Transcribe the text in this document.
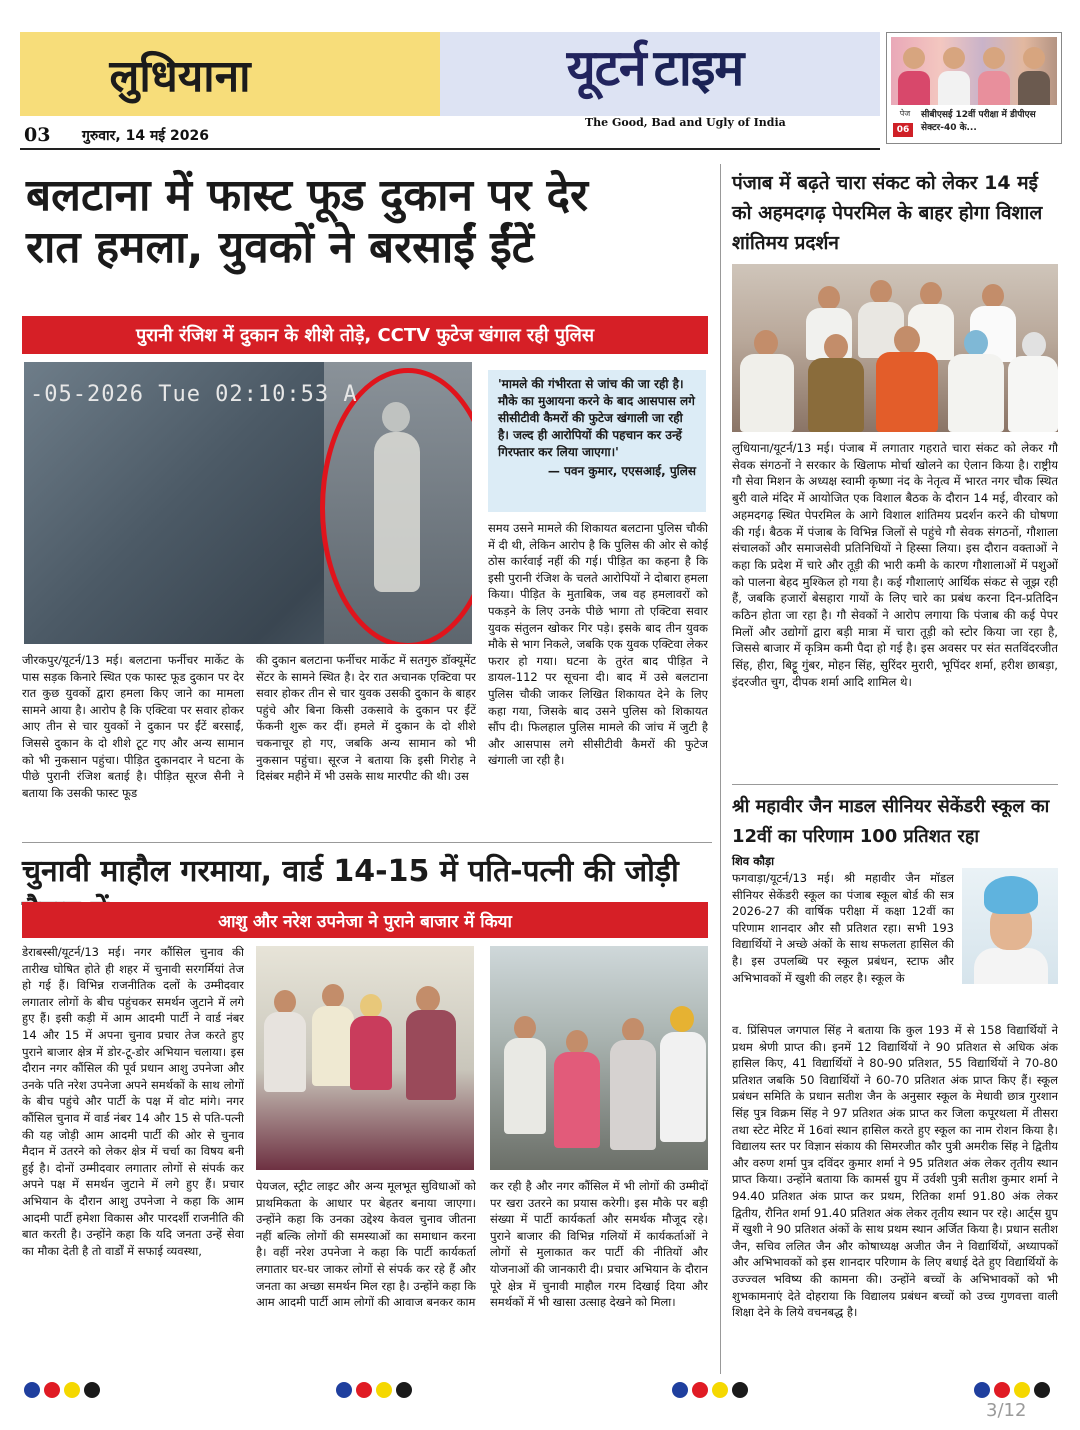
लुधियाना	यूटर्न टाइम
The Good, Bad and Ugly of India
03 गुरुवार, 14 मई 2026
पेज
06
सीबीएसई 12वीं परीक्षा में डीपीएस सेक्टर-40 के...
बलटाना में फास्ट फूड दुकान पर देर
रात हमला, युवकों ने बरसाईं ईंटें
पुरानी रंजिश में दुकान के शीशे तोड़े, CCTV फुटेज खंगाल रही पुलिस
-05-2026 Tue 02:10:53 A	'मामले की गंभीरता से जांच की जा रही है। मौके का मुआयना करने के बाद आसपास लगे सीसीटीवी कैमरों की फुटेज खंगाली जा रही है। जल्द ही आरोपियों की पहचान कर उन्हें गिरफ्तार कर लिया जाएगा।'
— पवन कुमार, एएसआई, पुलिस
जीरकपुर/यूटर्न/13 मई। बलटाना फर्नीचर मार्केट के पास सड़क किनारे स्थित एक फास्ट फूड दुकान पर देर रात कुछ युवकों द्वारा हमला किए जाने का मामला सामने आया है। आरोप है कि एक्टिवा पर सवार होकर आए तीन से चार युवकों ने दुकान पर ईंटें बरसाईं, जिससे दुकान के दो शीशे टूट गए और अन्य सामान को भी नुकसान पहुंचा। पीड़ित दुकानदार ने घटना के पीछे पुरानी रंजिश बताई है। पीड़ित सूरज सैनी ने बताया कि उसकी फास्ट फूड
की दुकान बलटाना फर्नीचर मार्केट में सतगुरु डॉक्यूमेंट सेंटर के सामने स्थित है। देर रात अचानक एक्टिवा पर सवार होकर तीन से चार युवक उसकी दुकान के बाहर पहुंचे और बिना किसी उकसावे के दुकान पर ईंटें फेंकनी शुरू कर दीं। हमले में दुकान के दो शीशे चकनाचूर हो गए, जबकि अन्य सामान को भी नुकसान पहुंचा। सूरज ने बताया कि इसी गिरोह ने दिसंबर महीने में भी उसके साथ मारपीट की थी। उस
समय उसने मामले की शिकायत बलटाना पुलिस चौकी में दी थी, लेकिन आरोप है कि पुलिस की ओर से कोई ठोस कार्रवाई नहीं की गई। पीड़ित का कहना है कि इसी पुरानी रंजिश के चलते आरोपियों ने दोबारा हमला किया। पीड़ित के मुताबिक, जब वह हमलावरों को पकड़ने के लिए उनके पीछे भागा तो एक्टिवा सवार युवक संतुलन खोकर गिर पड़े। इसके बाद तीन युवक मौके से भाग निकले, जबकि एक युवक एक्टिवा लेकर फरार हो गया। घटना के तुरंत बाद पीड़ित ने डायल-112 पर सूचना दी। बाद में उसे बलटाना पुलिस चौकी जाकर लिखित शिकायत देने के लिए कहा गया, जिसके बाद उसने पुलिस को शिकायत सौंप दी। फिलहाल पुलिस मामले की जांच में जुटी है और आसपास लगे सीसीटीवी कैमरों की फुटेज खंगाली जा रही है।
पंजाब में बढ़ते चारा संकट को लेकर 14 मई को अहमदगढ़ पेपरमिल के बाहर होगा विशाल शांतिमय प्रदर्शन
लुधियाना/यूटर्न/13 मई। पंजाब में लगातार गहराते चारा संकट को लेकर गौ सेवक संगठनों ने सरकार के खिलाफ मोर्चा खोलने का ऐलान किया है। राष्ट्रीय गौ सेवा मिशन के अध्यक्ष स्वामी कृष्णा नंद के नेतृत्व में भारत नगर चौक स्थित बुरी वाले मंदिर में आयोजित एक विशाल बैठक के दौरान 14 मई, वीरवार को अहमदगढ़ स्थित पेपरमिल के आगे विशाल शांतिमय प्रदर्शन करने की घोषणा की गई। बैठक में पंजाब के विभिन्न जिलों से पहुंचे गौ सेवक संगठनों, गौशाला संचालकों और समाजसेवी प्रतिनिधियों ने हिस्सा लिया। इस दौरान वक्ताओं ने कहा कि प्रदेश में चारे और तूड़ी की भारी कमी के कारण गौशालाओं में पशुओं को पालना बेहद मुश्किल हो गया है। कई गौशालाएं आर्थिक संकट से जूझ रही हैं, जबकि हजारों बेसहारा गायों के लिए चारे का प्रबंध करना दिन-प्रतिदिन कठिन होता जा रहा है। गौ सेवकों ने आरोप लगाया कि पंजाब की कई पेपर मिलों और उद्योगों द्वारा बड़ी मात्रा में चारा तूड़ी को स्टोर किया जा रहा है, जिससे बाजार में कृत्रिम कमी पैदा हो गई है। इस अवसर पर संत सतविंदरजीत सिंह, हीरा, बिट्टू गुंबर, मोहन सिंह, सुरिंदर मुरारी, भूपिंदर शर्मा, हरीश छाबड़ा, इंदरजीत चुग, दीपक शर्मा आदि शामिल थे।
श्री महावीर जैन माडल सीनियर सेकेंडरी स्कूल का 12वीं का परिणाम 100 प्रतिशत रहा
शिव कौड़ा
फगवाड़ा/यूटर्न/13 मई। श्री महावीर जैन मॉडल सीनियर सेकेंडरी स्कूल का पंजाब स्कूल बोर्ड की सत्र 2026-27 की वार्षिक परीक्षा में कक्षा 12वीं का परिणाम शानदार और सौ प्रतिशत रहा। सभी 193 विद्यार्थियों ने अच्छे अंकों के साथ सफलता हासिल की है। इस उपलब्धि पर स्कूल प्रबंधन, स्टाफ और अभिभावकों में खुशी की लहर है। स्कूल के
व. प्रिंसिपल जगपाल सिंह ने बताया कि कुल 193 में से 158 विद्यार्थियों ने प्रथम श्रेणी प्राप्त की। इनमें 12 विद्यार्थियों ने 90 प्रतिशत से अधिक अंक हासिल किए, 41 विद्यार्थियों ने 80-90 प्रतिशत, 55 विद्यार्थियों ने 70-80 प्रतिशत जबकि 50 विद्यार्थियों ने 60-70 प्रतिशत अंक प्राप्त किए हैं। स्कूल प्रबंधन समिति के प्रधान सतीश जैन के अनुसार स्कूल के मेधावी छात्र गुरशान सिंह पुत्र विक्रम सिंह ने 97 प्रतिशत अंक प्राप्त कर जिला कपूरथला में तीसरा तथा स्टेट मेरिट में 16वां स्थान हासिल करते हुए स्कूल का नाम रोशन किया है। विद्यालय स्तर पर विज्ञान संकाय की सिमरजीत कौर पुत्री अमरीक सिंह ने द्वितीय और वरुण शर्मा पुत्र दविंदर कुमार शर्मा ने 95 प्रतिशत अंक लेकर तृतीय स्थान प्राप्त किया। उन्होंने बताया कि कामर्स ग्रुप में उर्वशी पुत्री सतीश कुमार शर्मा ने 94.40 प्रतिशत अंक प्राप्त कर प्रथम, रितिका शर्मा 91.80 अंक लेकर द्वितीय, रौनित शर्मा 91.40 प्रतिशत अंक लेकर तृतीय स्थान पर रहे। आर्ट्स ग्रुप में खुशी ने 90 प्रतिशत अंकों के साथ प्रथम स्थान अर्जित किया है। प्रधान सतीश जैन, सचिव ललित जैन और कोषाध्यक्ष अजीत जैन ने विद्यार्थियों, अध्यापकों और अभिभावकों को इस शानदार परिणाम के लिए बधाई देते हुए विद्यार्थियों के उज्ज्वल भविष्य की कामना की। उन्होंने बच्चों के अभिभावकों को भी शुभकामनाएं देते दोहराया कि विद्यालय प्रबंधन बच्चों को उच्च गुणवत्ता वाली शिक्षा देने के लिये वचनबद्ध है।
चुनावी माहौल गरमाया, वार्ड 14-15 में पति-पत्नी की जोड़ी
आशु और नरेश उपनेजा ने पुराने बाजार में किया
डेराबस्सी/यूटर्न/13 मई। नगर कौंसिल चुनाव की तारीख घोषित होते ही शहर में चुनावी सरगर्मियां तेज हो गई हैं। विभिन्न राजनीतिक दलों के उम्मीदवार लगातार लोगों के बीच पहुंचकर समर्थन जुटाने में लगे हुए हैं। इसी कड़ी में आम आदमी पार्टी ने वार्ड नंबर 14 और 15 में अपना चुनाव प्रचार तेज करते हुए पुराने बाजार क्षेत्र में डोर-टू-डोर अभियान चलाया। इस दौरान नगर कौंसिल की पूर्व प्रधान आशु उपनेजा और उनके पति नरेश उपनेजा अपने समर्थकों के साथ लोगों के बीच पहुंचे और पार्टी के पक्ष में वोट मांगे। नगर कौंसिल चुनाव में वार्ड नंबर 14 और 15 से पति-पत्नी की यह जोड़ी आम आदमी पार्टी की ओर से चुनाव मैदान में उतरने को लेकर क्षेत्र में चर्चा का विषय बनी हुई है। दोनों उम्मीदवार लगातार लोगों से संपर्क कर अपने पक्ष में समर्थन जुटाने में लगे हुए हैं। प्रचार अभियान के दौरान आशु उपनेजा ने कहा कि आम आदमी पार्टी हमेशा विकास और पारदर्शी राजनीति की बात करती है। उन्होंने कहा कि यदि जनता उन्हें सेवा का मौका देती है तो वार्डों में सफाई व्यवस्था,
पेयजल, स्ट्रीट लाइट और अन्य मूलभूत सुविधाओं को प्राथमिकता के आधार पर बेहतर बनाया जाएगा। उन्होंने कहा कि उनका उद्देश्य केवल चुनाव जीतना नहीं बल्कि लोगों की समस्याओं का समाधान करना है। वहीं नरेश उपनेजा ने कहा कि पार्टी कार्यकर्ता लगातार घर-घर जाकर लोगों से संपर्क कर रहे हैं और जनता का अच्छा समर्थन मिल रहा है। उन्होंने कहा कि आम आदमी पार्टी आम लोगों की आवाज बनकर काम
कर रही है और नगर कौंसिल में भी लोगों की उम्मीदों पर खरा उतरने का प्रयास करेगी। इस मौके पर बड़ी संख्या में पार्टी कार्यकर्ता और समर्थक मौजूद रहे। पुराने बाजार की विभिन्न गलियों में कार्यकर्ताओं ने लोगों से मुलाकात कर पार्टी की नीतियों और योजनाओं की जानकारी दी। प्रचार अभियान के दौरान पूरे क्षेत्र में चुनावी माहौल गरम दिखाई दिया और समर्थकों में भी खासा उत्साह देखने को मिला।
3/12
